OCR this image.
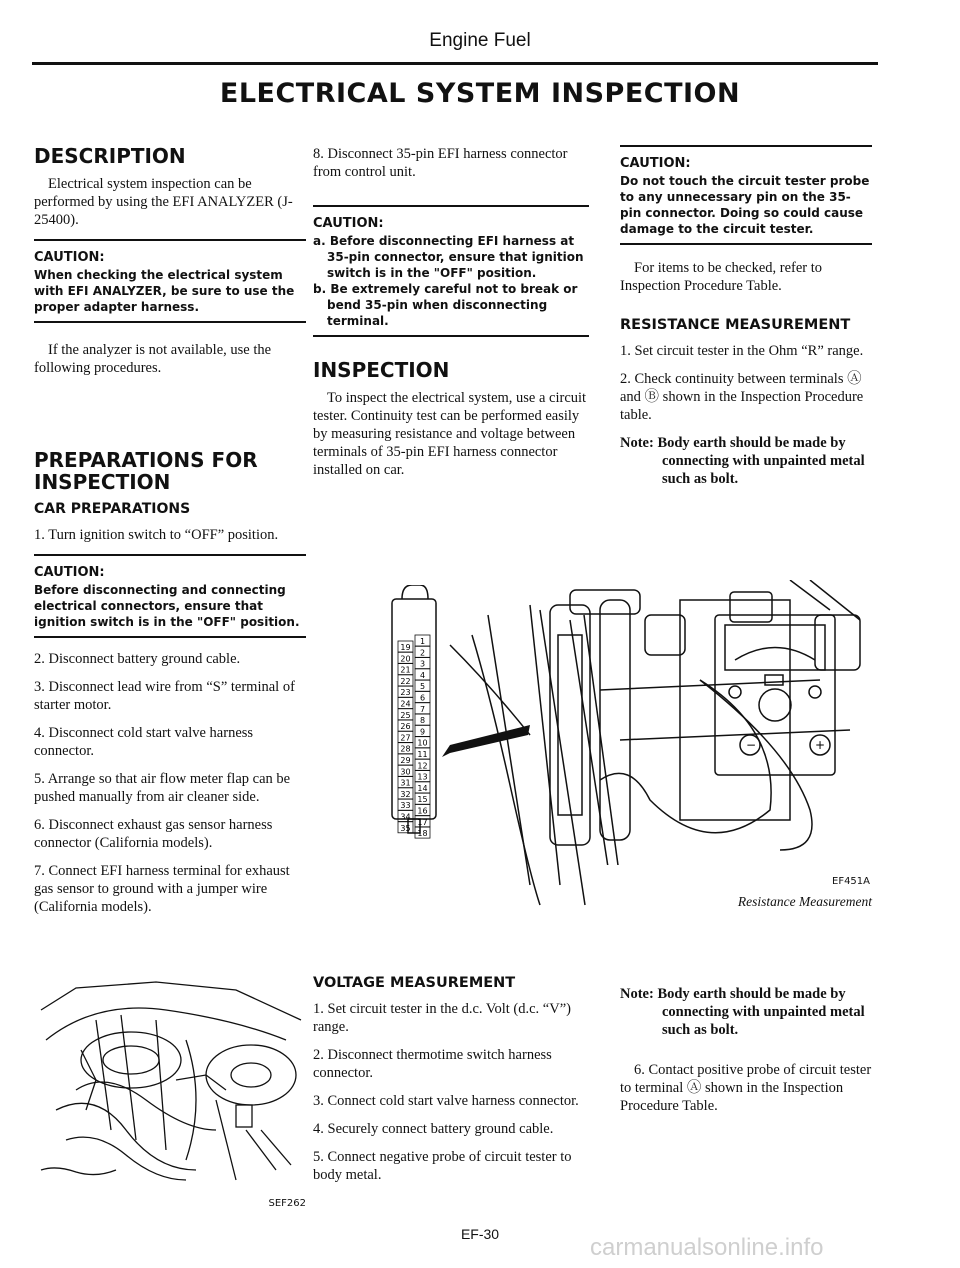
Engine Fuel
ELECTRICAL SYSTEM INSPECTION
DESCRIPTION

Electrical system inspection can be performed by using the EFI ANALYZER (J-25400).

CAUTION:
When checking the electrical system with EFI ANALYZER, be sure to use the proper adapter harness.

If the analyzer is not available, use the following procedures.

PREPARATIONS FOR INSPECTION
CAR PREPARATIONS

1. Turn ignition switch to “OFF” position.

CAUTION:
Before disconnecting and connecting electrical connectors, ensure that ignition switch is in the "OFF" position.

2. Disconnect battery ground cable.

3. Disconnect lead wire from “S” terminal of starter motor.

4. Disconnect cold start valve harness connector.

5. Arrange so that air flow meter flap can be pushed manually from air cleaner side.

6. Disconnect exhaust gas sensor harness connector (California models).

7. Connect EFI harness terminal for exhaust gas sensor to ground with a jumper wire (California models).

SEF262

8. Disconnect 35-pin EFI harness connector from control unit.

CAUTION:
a. Before disconnecting EFI harness at 35-pin connector, ensure that ignition switch is in the "OFF" position.
b. Be extremely careful not to break or bend 35-pin when disconnecting terminal.
INSPECTION

To inspect the electrical system, use a circuit tester. Continuity test can be performed easily by measuring resistance and voltage between terminals of 35-pin EFI harness connector installed on car.

19
20
21
22
23
24
25
26
27
28
29
30
31
32
33
34
35
1
2
3
4
5
6
7
8
9
10
11
12
13
14
15
16
17
18
−	+
CAUTION:
Do not touch the circuit tester probe to any unnecessary pin on the 35-pin connector. Doing so could cause damage to the circuit tester.

For items to be checked, refer to Inspection Procedure Table.

RESISTANCE MEASUREMENT

1. Set circuit tester in the Ohm “R” range.

2. Check continuity between terminals Ⓐ and Ⓑ shown in the Inspection Procedure table.

Note: Body earth should be made by connecting with unpainted metal such as bolt.

EF451A
Resistance Measurement
VOLTAGE MEASUREMENT

1. Set circuit tester in the d.c. Volt (d.c. “V”) range.

2. Disconnect thermotime switch harness connector.

3. Connect cold start valve harness connector.

4. Securely connect battery ground cable.

5. Connect negative probe of circuit tester to body metal.

Note: Body earth should be made by connecting with unpainted metal such as bolt.

6. Contact positive probe of circuit tester to terminal Ⓐ shown in the Inspection Procedure Table.

EF-30	carmanualsonline.info
